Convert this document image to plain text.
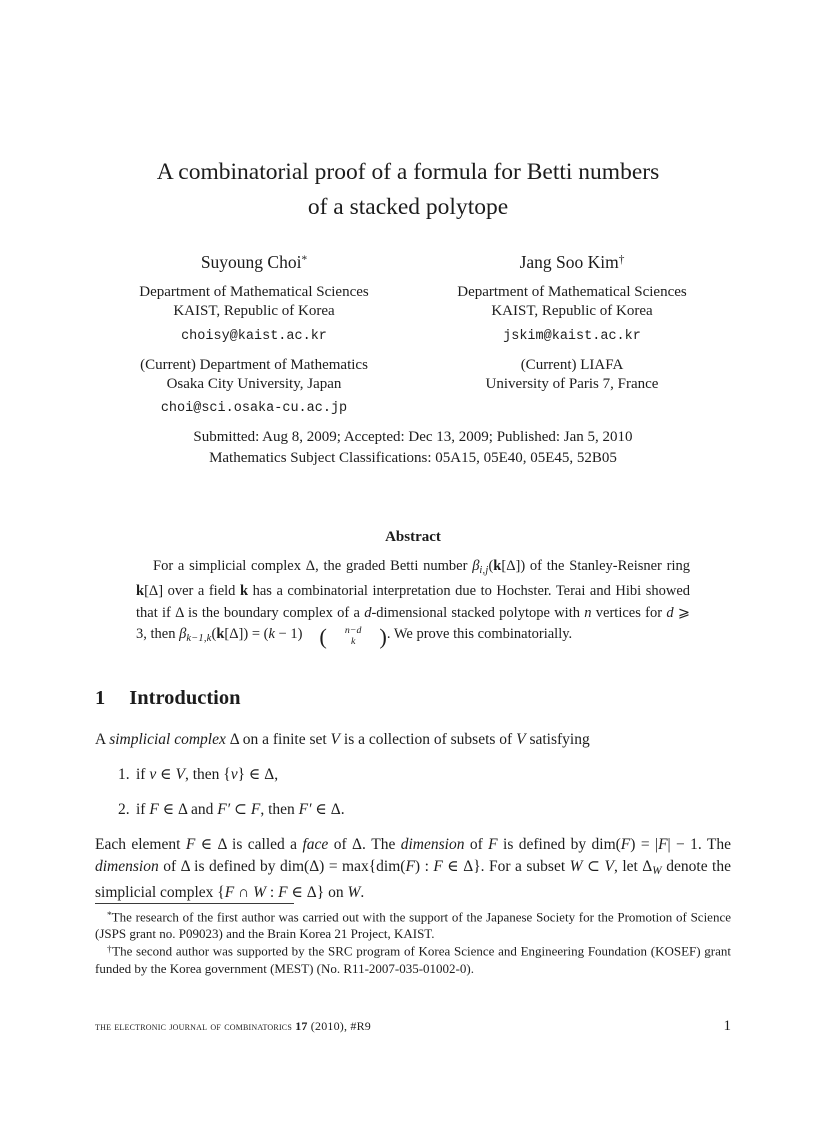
A combinatorial proof of a formula for Betti numbers
of a stacked polytope
Suyoung Choi*
Department of Mathematical Sciences
KAIST, Republic of Korea
choisy@kaist.ac.kr
(Current) Department of Mathematics
Osaka City University, Japan
choi@sci.osaka-cu.ac.jp
Jang Soo Kim†
Department of Mathematical Sciences
KAIST, Republic of Korea
jskim@kaist.ac.kr
(Current) LIAFA
University of Paris 7, France
Submitted: Aug 8, 2009; Accepted: Dec 13, 2009; Published: Jan 5, 2010
Mathematics Subject Classifications: 05A15, 05E40, 05E45, 52B05
Abstract
For a simplicial complex Δ, the graded Betti number $\beta_{i,j}(k[\Delta])$ of the Stanley-Reisner ring k[Δ] over a field k has a combinatorial interpretation due to Hochster. Terai and Hibi showed that if Δ is the boundary complex of a d-dimensional stacked polytope with n vertices for d ⩾ 3, then $\beta_{k-1,k}(k[\Delta]) = (k - 1)$ (	n−d
k	) . We prove this combinatorially.
1 Introduction
A simplicial complex Δ on a finite set V is a collection of subsets of V satisfying
1. if v ∈ V, then {v} ∈ Δ,
2. if F ∈ Δ and F′ ⊂ F, then F′ ∈ Δ.
Each element F ∈ Δ is called a face of Δ. The dimension of F is defined by dim(F) = |F| − 1. The dimension of Δ is defined by dim(Δ) = max{dim(F) : F ∈ Δ}. For a subset W ⊂ V, let $\Delta_W$ denote the simplicial complex {F ∩ W : F ∈ Δ} on W.
*The research of the first author was carried out with the support of the Japanese Society for the Promotion of Science (JSPS grant no. P09023) and the Brain Korea 21 Project, KAIST.
†The second author was supported by the SRC program of Korea Science and Engineering Foundation (KOSEF) grant funded by the Korea government (MEST) (No. R11-2007-035-01002-0).
the electronic journal of combinatorics 17 (2010), #R9	1
